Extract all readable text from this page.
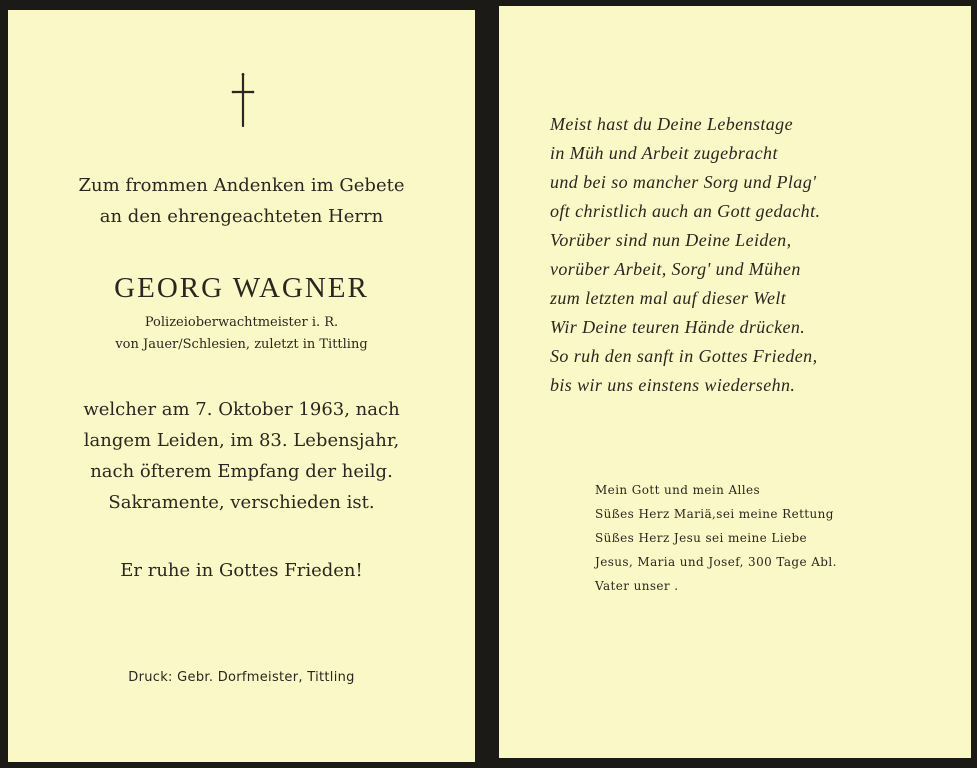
Zum frommen Andenken im Gebete
an den ehrengeachteten Herrn
GEORG WAGNER
Polizeioberwachtmeister i. R.
von Jauer/Schlesien, zuletzt in Tittling
welcher am 7. Oktober 1963, nach
langem Leiden, im 83. Lebensjahr,
nach öfterem Empfang der heilg.
Sakramente, verschieden ist.
Er ruhe in Gottes Frieden!
Druck: Gebr. Dorfmeister, Tittling
Meist hast du Deine Lebenstage
in Müh und Arbeit zugebracht
und bei so mancher Sorg und Plag'
oft christlich auch an Gott gedacht.
Vorüber sind nun Deine Leiden,
vorüber Arbeit, Sorg' und Mühen
zum letzten mal auf dieser Welt
Wir Deine teuren Hände drücken.
So ruh den sanft in Gottes Frieden,
bis wir uns einstens wiedersehn.
Mein Gott und mein Alles
Süßes Herz Mariä,sei meine Rettung
Süßes Herz Jesu sei meine Liebe
Jesus, Maria und Josef, 300 Tage Abl.
Vater unser .
